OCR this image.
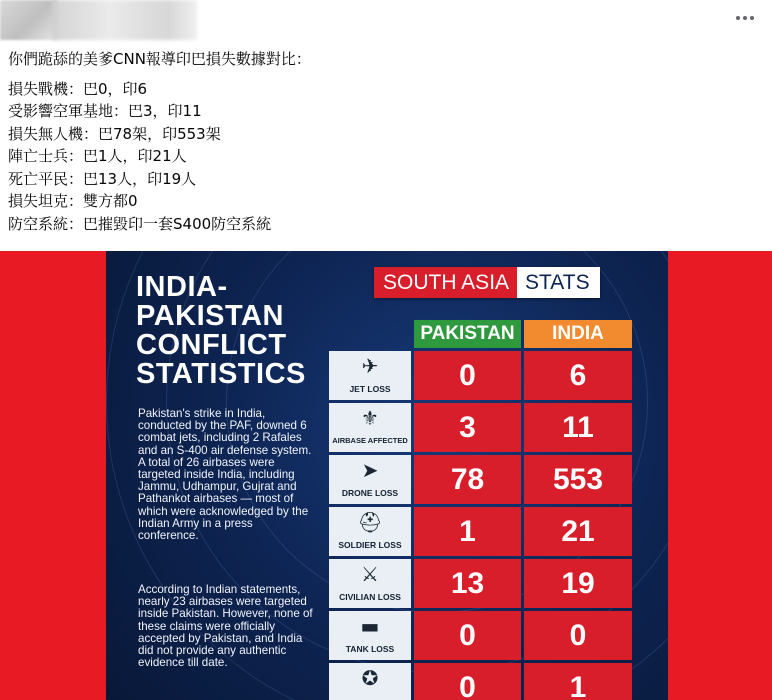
你們跪舔的美爹CNN報導印巴損失數據對比：

損失戰機：巴0，印6

受影響空軍基地：巴3，印11

損失無人機：巴78架，印553架

陣亡士兵：巴1人，印21人

死亡平民：巴13人，印19人

損失坦克：雙方都0

防空系統：巴摧毀印一套S400防空系統

INDIA-
PAKISTAN
CONFLICT
STATISTICS
Pakistan's strike in India, conducted by the PAF, downed 6 combat jets, including 2 Rafales and an S-400 air defense system. A total of 26 airbases were targeted inside India, including Jammu, Udhampur, Gujrat and Pathankot airbases — most of which were acknowledged by the Indian Army in a press conference.
According to Indian statements, nearly 23 airbases were targeted inside Pakistan. However, none of these claims were officially accepted by Pakistan, and India did not provide any authentic evidence till date.
SOUTH ASIA STATS
PAKISTAN	INDIA
✈
JET LOSS	0	6
⚜
AIRBASE AFFECTED	3	11
➤
DRONE LOSS	78	553
⛑
SOLDIER LOSS	1	21
⚔
CIVILIAN LOSS	13	19
▬
TANK LOSS	0	0
✪	0	1
